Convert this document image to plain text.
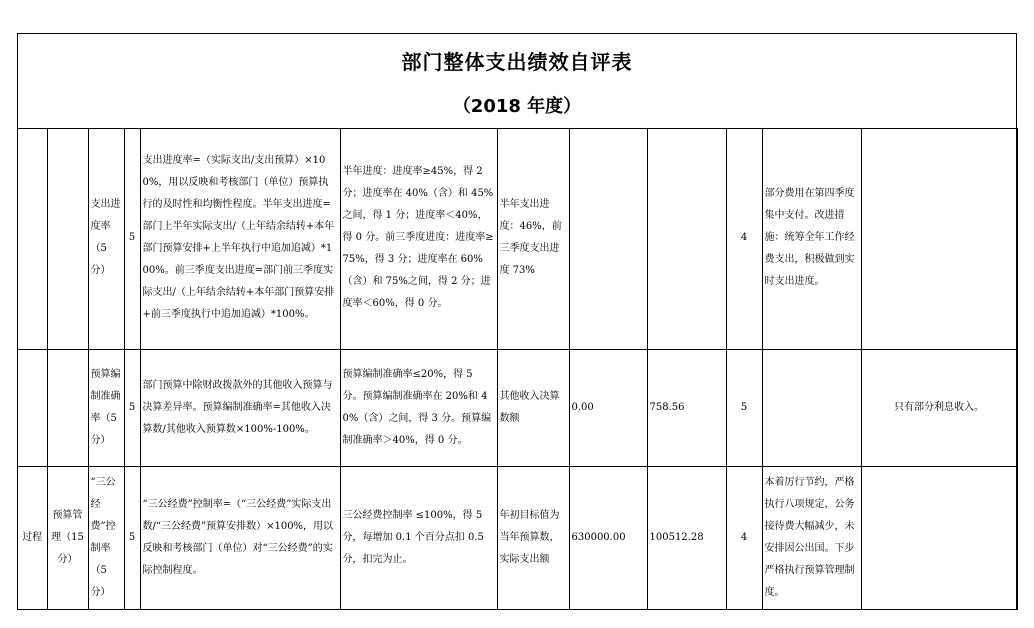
部门整体支出绩效自评表
（2018 年度）
		支出进度率（5分）	5	支出进度率=（实际支出/支出预算）×100%，用以反映和考核部门（单位）预算执行的及时性和均衡性程度。半年支出进度=部门上半年实际支出/（上年结余结转+本年部门预算安排+上半年执行中追加追减）*100%。前三季度支出进度=部门前三季度实际支出/（上年结余结转+本年部门预算安排+前三季度执行中追加追减）*100%。	半年进度：进度率≥45%，得 2 分；进度率在 40%（含）和 45%之间，得 1 分；进度率＜40%，得 0 分。前三季度进度：进度率≥75%，得 3 分；进度率在 60%（含）和 75%之间，得 2 分；进度率＜60%，得 0 分。	半年支出进度：46%，前三季度支出进度 73%			4	部分费用在第四季度集中支付。改进措施：统筹全年工作经费支出，积极做到实时支出进度。	
		预算编制准确率（5分）	5	部门预算中除财政拨款外的其他收入预算与决算差异率。预算编制准确率=其他收入决算数/其他收入预算数×100%-100%。	预算编制准确率≤20%，得 5 分。预算编制准确率在 20%和 40%（含）之间，得 3 分。预算编制准确率＞40%，得 0 分。	其他收入决算数额	0.00	758.56	5		只有部分利息收入。
过程	预算管理（15分）	“三公经费”控制率（5分）	5	“三公经费”控制率=（“三公经费”实际支出数/“三公经费”预算安排数）×100%，用以反映和考核部门（单位）对“三公经费”的实际控制程度。	三公经费控制率 ≤100%，得 5 分，每增加 0.1 个百分点扣 0.5 分，扣完为止。	年初目标值为当年预算数，实际支出额	630000.00	100512.28	4	本着厉行节约，严格执行八项规定，公务接待费大幅减少，未安排因公出国。下步严格执行预算管理制度。	
